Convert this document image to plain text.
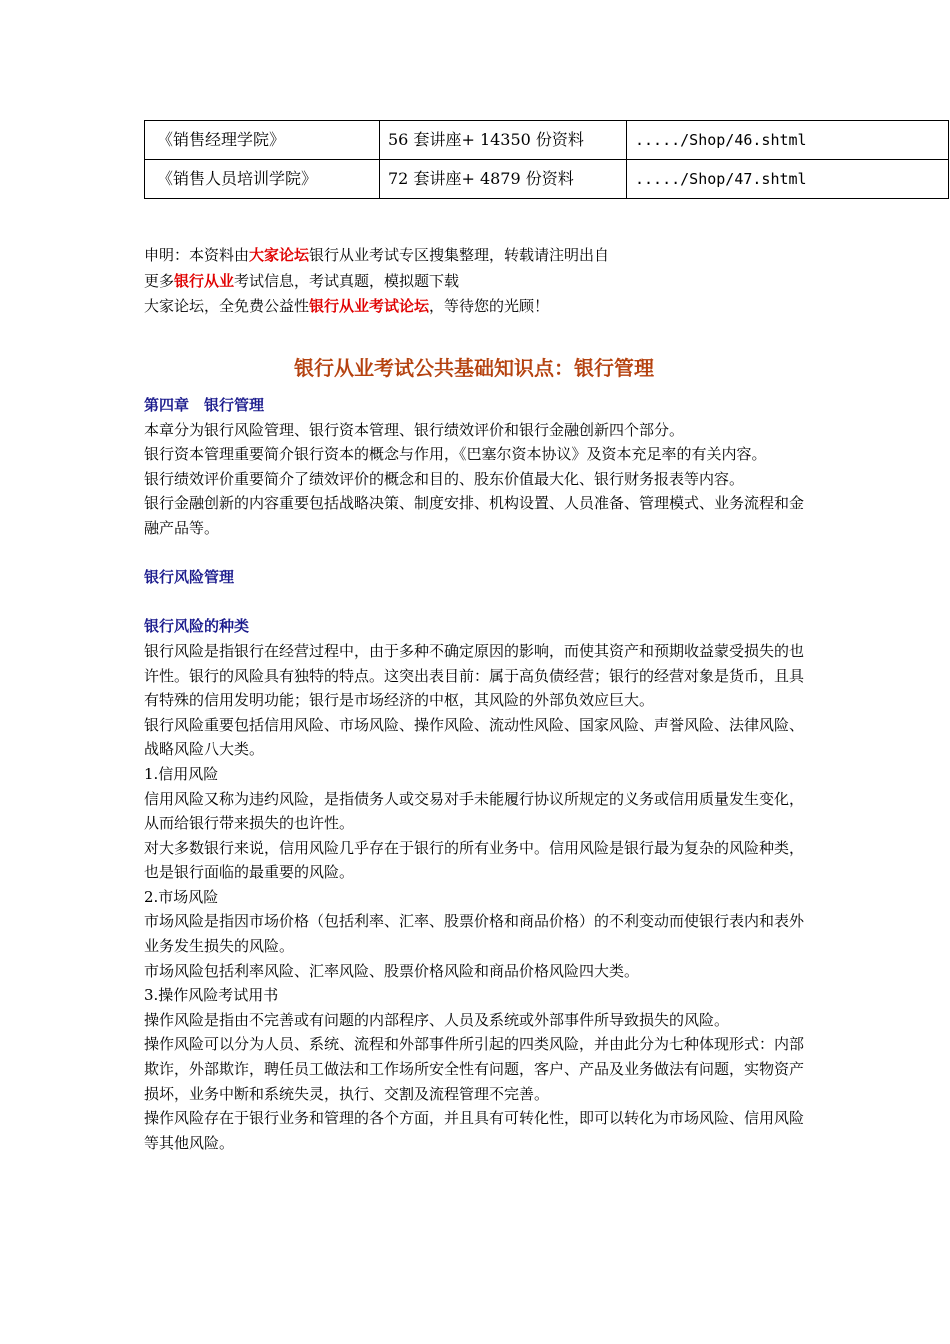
《销售经理学院》	56 套讲座+ 14350 份资料	...../Shop/46.shtml
《销售人员培训学院》	72 套讲座+ 4879 份资料	...../Shop/47.shtml

申明：本资料由大家论坛银行从业考试专区搜集整理，转载请注明出自

更多银行从业考试信息，考试真题，模拟题下载

大家论坛，全免费公益性银行从业考试论坛，等待您的光顾！

银行从业考试公共基础知识点：银行管理

第四章　银行管理

本章分为银行风险管理、银行资本管理、银行绩效评价和银行金融创新四个部分。

银行资本管理重要简介银行资本的概念与作用，《巴塞尔资本协议》及资本充足率的有关内容。

银行绩效评价重要简介了绩效评价的概念和目的、股东价值最大化、银行财务报表等内容。

银行金融创新的内容重要包括战略决策、制度安排、机构设置、人员准备、管理模式、业务流程和金融产品等。

银行风险管理

银行风险的种类

银行风险是指银行在经营过程中，由于多种不确定原因的影响，而使其资产和预期收益蒙受损失的也许性。银行的风险具有独特的特点。这突出表目前：属于高负债经营；银行的经营对象是货币，且具有特殊的信用发明功能；银行是市场经济的中枢，其风险的外部负效应巨大。

银行风险重要包括信用风险、市场风险、操作风险、流动性风险、国家风险、声誉风险、法律风险、战略风险八大类。

1.信用风险

信用风险又称为违约风险，是指债务人或交易对手未能履行协议所规定的义务或信用质量发生变化，从而给银行带来损失的也许性。

对大多数银行来说，信用风险几乎存在于银行的所有业务中。信用风险是银行最为复杂的风险种类，也是银行面临的最重要的风险。

2.市场风险

市场风险是指因市场价格（包括利率、汇率、股票价格和商品价格）的不利变动而使银行表内和表外业务发生损失的风险。

市场风险包括利率风险、汇率风险、股票价格风险和商品价格风险四大类。

3.操作风险考试用书

操作风险是指由不完善或有问题的内部程序、人员及系统或外部事件所导致损失的风险。

操作风险可以分为人员、系统、流程和外部事件所引起的四类风险，并由此分为七种体现形式：内部欺诈，外部欺诈，聘任员工做法和工作场所安全性有问题，客户、产品及业务做法有问题，实物资产损坏，业务中断和系统失灵，执行、交割及流程管理不完善。

操作风险存在于银行业务和管理的各个方面，并且具有可转化性，即可以转化为市场风险、信用风险等其他风险。
